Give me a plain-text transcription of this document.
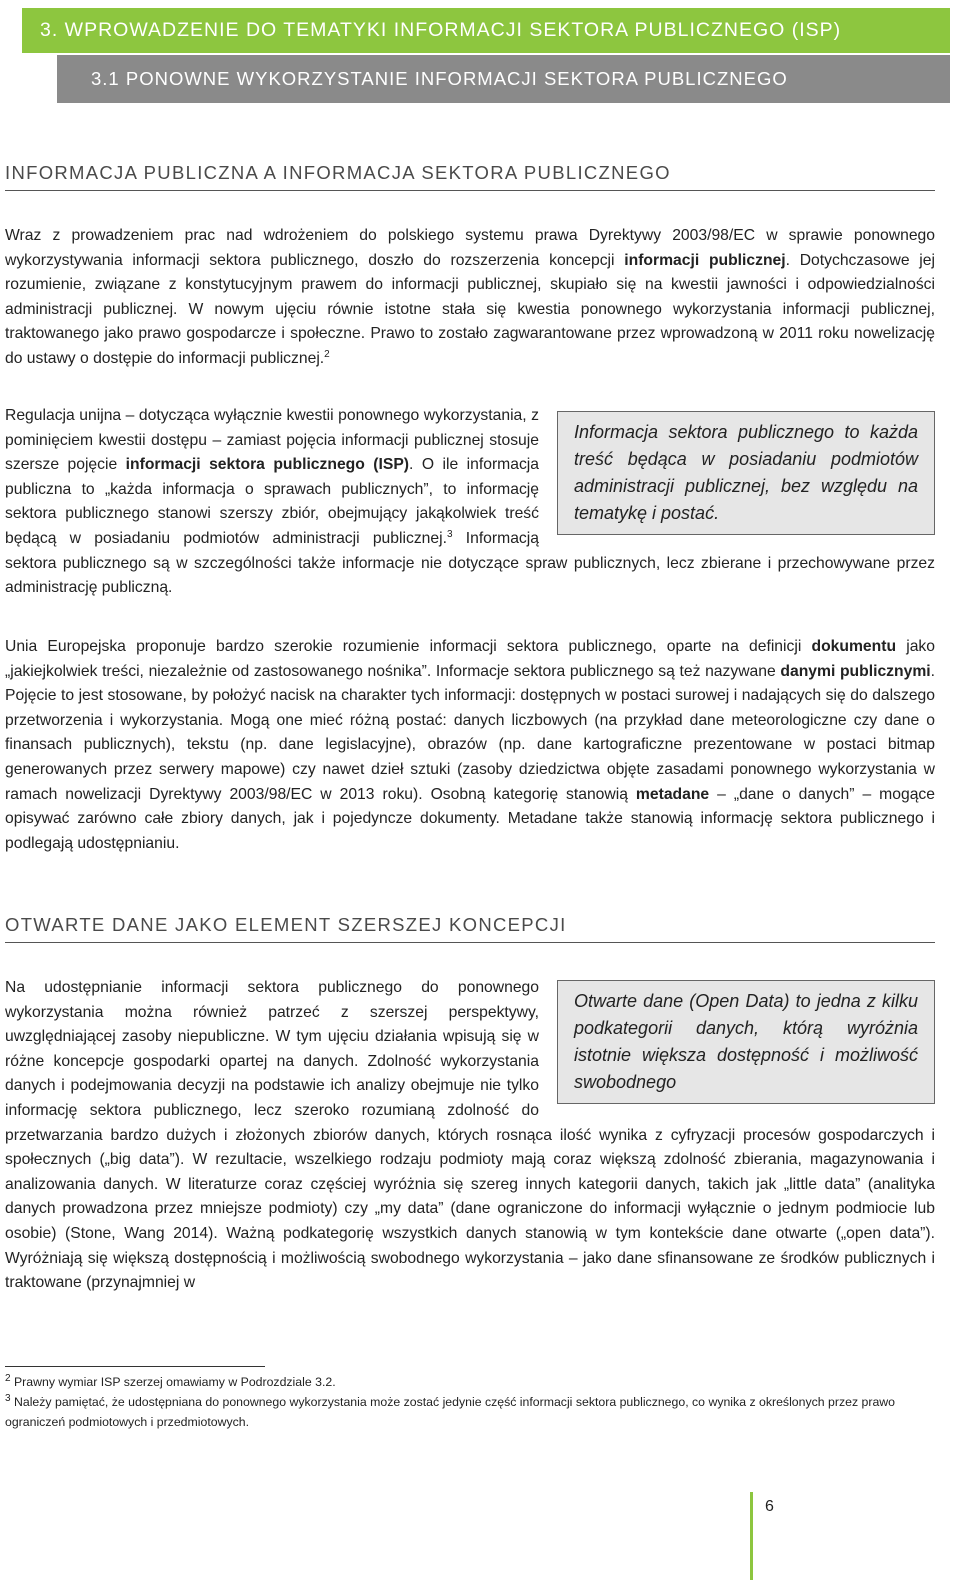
3. WPROWADZENIE DO TEMATYKI INFORMACJI SEKTORA PUBLICZNEGO (ISP)
3.1 PONOWNE WYKORZYSTANIE INFORMACJI SEKTORA PUBLICZNEGO
INFORMACJA PUBLICZNA A INFORMACJA SEKTORA PUBLICZNEGO

Wraz z prowadzeniem prac nad wdrożeniem do polskiego systemu prawa Dyrektywy 2003/98/EC w sprawie ponownego wykorzystywania informacji sektora publicznego, doszło do rozszerzenia koncepcji informacji publicznej. Dotychczasowe jej rozumienie, związane z konstytucyjnym prawem do informacji publicznej, skupiało się na kwestii jawności i odpowiedzialności administracji publicznej. W nowym ujęciu równie istotne stała się kwestia ponownego wykorzystania informacji publicznej, traktowanego jako prawo gospodarcze i społeczne. Prawo to zostało zagwarantowane przez wprowadzoną w 2011 roku nowelizację do ustawy o dostępie do informacji publicznej.$^2$

Informacja sektora publicznego to każda treść będąca w posiadaniu podmiotów administracji publicznej, bez względu na tematykę i postać.
Regulacja unijna – dotycząca wyłącznie kwestii ponownego wykorzystania, z pominięciem kwestii dostępu – zamiast pojęcia informacji publicznej stosuje szersze pojęcie informacji sektora publicznego (ISP). O ile informacja publiczna to „każda informacja o sprawach publicznych”, to informację sektora publicznego stanowi szerszy zbiór, obejmujący jakąkolwiek treść będącą w posiadaniu podmiotów administracji publicznej.$^3$ Informacją sektora publicznego są w szczególności także informacje nie dotyczące spraw publicznych, lecz zbierane i przechowywane przez administrację publiczną.

Unia Europejska proponuje bardzo szerokie rozumienie informacji sektora publicznego, oparte na definicji dokumentu jako „jakiejkolwiek treści, niezależnie od zastosowanego nośnika”. Informacje sektora publicznego są też nazywane danymi publicznymi. Pojęcie to jest stosowane, by położyć nacisk na charakter tych informacji: dostępnych w postaci surowej i nadających się do dalszego przetworzenia i wykorzystania. Mogą one mieć różną postać: danych liczbowych (na przykład dane meteorologiczne czy dane o finansach publicznych), tekstu (np. dane legislacyjne), obrazów (np. dane kartograficzne prezentowane w postaci bitmap generowanych przez serwery mapowe) czy nawet dzieł sztuki (zasoby dziedzictwa objęte zasadami ponownego wykorzystania w ramach nowelizacji Dyrektywy 2003/98/EC w 2013 roku). Osobną kategorię stanowią metadane – „dane o danych” – mogące opisywać zarówno całe zbiory danych, jak i pojedyncze dokumenty. Metadane także stanowią informację sektora publicznego i podlegają udostępnianiu.

OTWARTE DANE JAKO ELEMENT SZERSZEJ KONCEPCJI
Otwarte dane (Open Data) to jedna z kilku podkategorii danych, którą wyróżnia istotnie większa dostępność i możliwość swobodnego
Na udostępnianie informacji sektora publicznego do ponownego wykorzystania można również patrzeć z szerszej perspektywy, uwzględniającej zasoby niepubliczne. W tym ujęciu działania wpisują się w różne koncepcje gospodarki opartej na danych. Zdolność wykorzystania danych i podejmowania decyzji na podstawie ich analizy obejmuje nie tylko informację sektora publicznego, lecz szeroko rozumianą zdolność do przetwarzania bardzo dużych i złożonych zbiorów danych, których rosnąca ilość wynika z cyfryzacji procesów gospodarczych i społecznych („big data”). W rezultacie, wszelkiego rodzaju podmioty mają coraz większą zdolność zbierania, magazynowania i analizowania danych. W literaturze coraz częściej wyróżnia się szereg innych kategorii danych, takich jak „little data” (analityka danych prowadzona przez mniejsze podmioty) czy „my data” (dane ograniczone do informacji wyłącznie o jednym podmiocie lub osobie) (Stone, Wang 2014). Ważną podkategorię wszystkich danych stanowią w tym kontekście dane otwarte („open data”). Wyróżniają się większą dostępnością i możliwością swobodnego wykorzystania – jako dane sfinansowane ze środków publicznych i traktowane (przynajmniej w

$^2$ Prawny wymiar ISP szerzej omawiamy w Podrozdziale 3.2.

$^3$ Należy pamiętać, że udostępniana do ponownego wykorzystania może zostać jedynie część informacji sektora publicznego, co wynika z określonych przez prawo ograniczeń podmiotowych i przedmiotowych.

6
